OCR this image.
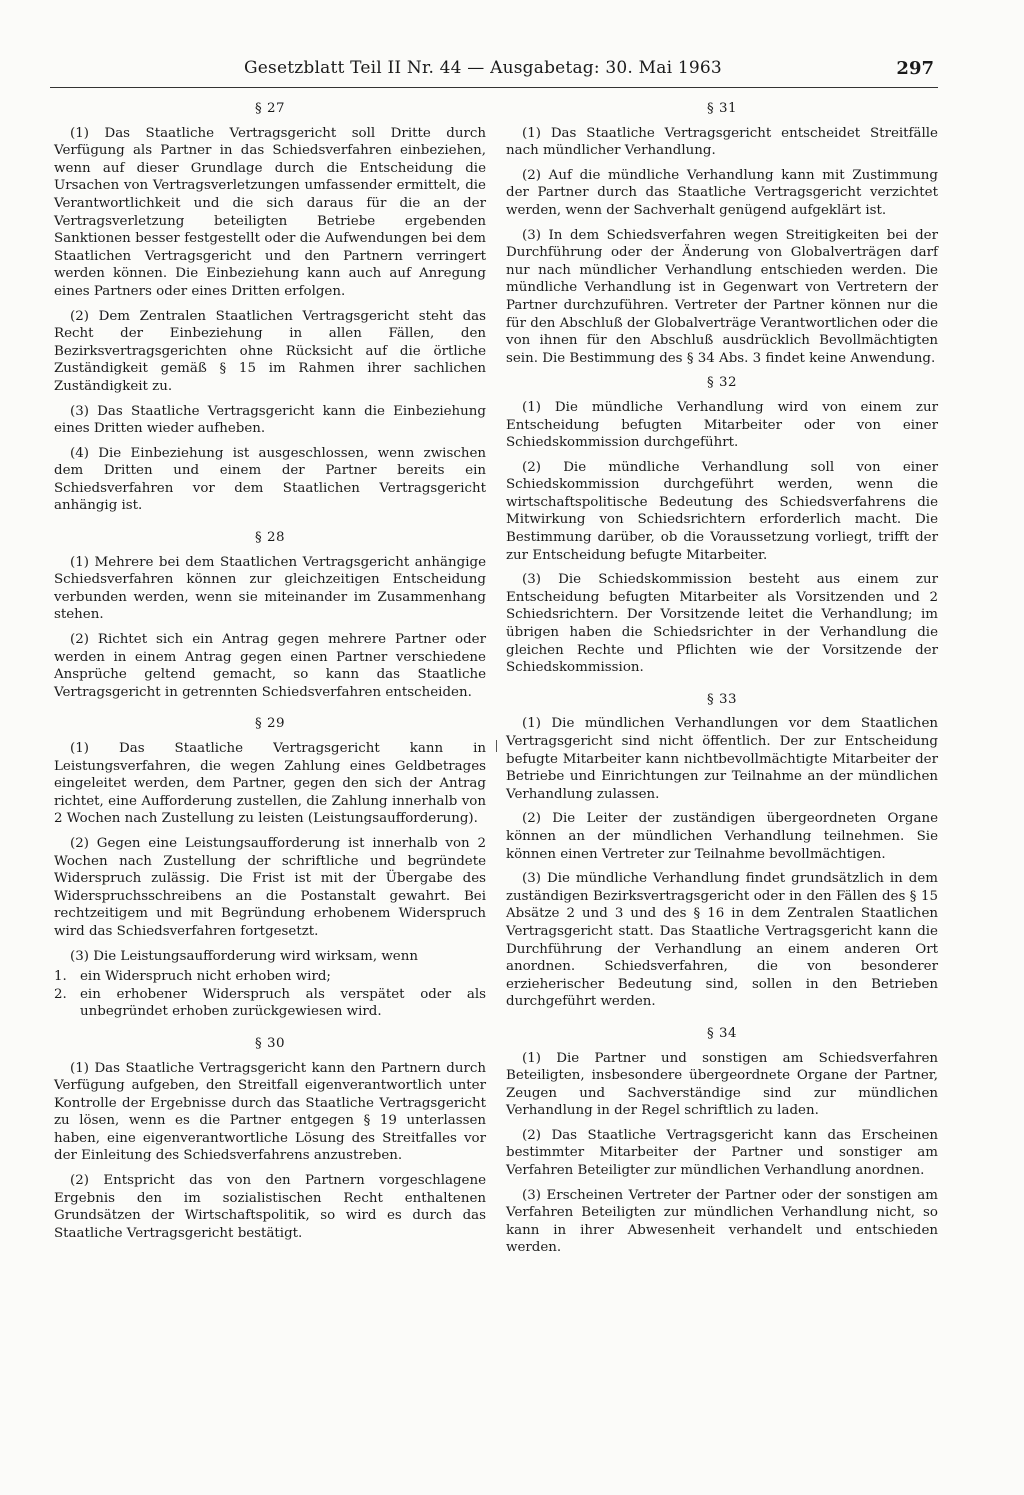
Gesetzblatt Teil II Nr. 44 — Ausgabetag: 30. Mai 1963	297
§ 27

(1) Das Staatliche Vertragsgericht soll Dritte durch Verfügung als Partner in das Schiedsverfahren einbeziehen, wenn auf dieser Grundlage durch die Entscheidung die Ursachen von Vertragsverletzungen umfassender ermittelt, die Verantwortlichkeit und die sich daraus für die an der Vertragsverletzung beteiligten Betriebe ergebenden Sanktionen besser festgestellt oder die Aufwendungen bei dem Staatlichen Vertragsgericht und den Partnern verringert werden können. Die Einbeziehung kann auch auf Anregung eines Partners oder eines Dritten erfolgen.

(2) Dem Zentralen Staatlichen Vertragsgericht steht das Recht der Einbeziehung in allen Fällen, den Bezirksvertragsgerichten ohne Rücksicht auf die örtliche Zuständigkeit gemäß § 15 im Rahmen ihrer sachlichen Zuständigkeit zu.

(3) Das Staatliche Vertragsgericht kann die Einbeziehung eines Dritten wieder aufheben.

(4) Die Einbeziehung ist ausgeschlossen, wenn zwischen dem Dritten und einem der Partner bereits ein Schiedsverfahren vor dem Staatlichen Vertragsgericht anhängig ist.

§ 28

(1) Mehrere bei dem Staatlichen Vertragsgericht anhängige Schiedsverfahren können zur gleichzeitigen Entscheidung verbunden werden, wenn sie miteinander im Zusammenhang stehen.

(2) Richtet sich ein Antrag gegen mehrere Partner oder werden in einem Antrag gegen einen Partner verschiedene Ansprüche geltend gemacht, so kann das Staatliche Vertragsgericht in getrennten Schiedsverfahren entscheiden.

§ 29

(1) Das Staatliche Vertragsgericht kann in Leistungsverfahren, die wegen Zahlung eines Geldbetrages eingeleitet werden, dem Partner, gegen den sich der Antrag richtet, eine Aufforderung zustellen, die Zahlung innerhalb von 2 Wochen nach Zustellung zu leisten (Leistungsaufforderung).

(2) Gegen eine Leistungsaufforderung ist innerhalb von 2 Wochen nach Zustellung der schriftliche und begründete Widerspruch zulässig. Die Frist ist mit der Übergabe des Widerspruchsschreibens an die Postanstalt gewahrt. Bei rechtzeitigem und mit Begründung erhobenem Widerspruch wird das Schiedsverfahren fortgesetzt.

(3) Die Leistungsaufforderung wird wirksam, wenn

1. ein Widerspruch nicht erhoben wird;
2. ein erhobener Widerspruch als verspätet oder als unbegründet erhoben zurückgewiesen wird.
§ 30

(1) Das Staatliche Vertragsgericht kann den Partnern durch Verfügung aufgeben, den Streitfall eigenverantwortlich unter Kontrolle der Ergebnisse durch das Staatliche Vertragsgericht zu lösen, wenn es die Partner entgegen § 19 unterlassen haben, eine eigenverantwortliche Lösung des Streitfalles vor der Einleitung des Schiedsverfahrens anzustreben.

(2) Entspricht das von den Partnern vorgeschlagene Ergebnis den im sozialistischen Recht enthaltenen Grundsätzen der Wirtschaftspolitik, so wird es durch das Staatliche Vertragsgericht bestätigt.

§ 31

(1) Das Staatliche Vertragsgericht entscheidet Streitfälle nach mündlicher Verhandlung.

(2) Auf die mündliche Verhandlung kann mit Zustimmung der Partner durch das Staatliche Vertragsgericht verzichtet werden, wenn der Sachverhalt genügend aufgeklärt ist.

(3) In dem Schiedsverfahren wegen Streitigkeiten bei der Durchführung oder der Änderung von Globalverträgen darf nur nach mündlicher Verhandlung entschieden werden. Die mündliche Verhandlung ist in Gegenwart von Vertretern der Partner durchzuführen. Vertreter der Partner können nur die für den Abschluß der Globalverträge Verantwortlichen oder die von ihnen für den Abschluß ausdrücklich Bevollmächtigten sein. Die Bestimmung des § 34 Abs. 3 findet keine Anwendung.

§ 32

(1) Die mündliche Verhandlung wird von einem zur Entscheidung befugten Mitarbeiter oder von einer Schiedskommission durchgeführt.

(2) Die mündliche Verhandlung soll von einer Schiedskommission durchgeführt werden, wenn die wirtschaftspolitische Bedeutung des Schiedsverfahrens die Mitwirkung von Schiedsrichtern erforderlich macht. Die Bestimmung darüber, ob die Voraussetzung vorliegt, trifft der zur Entscheidung befugte Mitarbeiter.

(3) Die Schiedskommission besteht aus einem zur Entscheidung befugten Mitarbeiter als Vorsitzenden und 2 Schiedsrichtern. Der Vorsitzende leitet die Verhandlung; im übrigen haben die Schiedsrichter in der Verhandlung die gleichen Rechte und Pflichten wie der Vorsitzende der Schiedskommission.

§ 33

(1) Die mündlichen Verhandlungen vor dem Staatlichen Vertragsgericht sind nicht öffentlich. Der zur Entscheidung befugte Mitarbeiter kann nichtbevollmächtigte Mitarbeiter der Betriebe und Einrichtungen zur Teilnahme an der mündlichen Verhandlung zulassen.

(2) Die Leiter der zuständigen übergeordneten Organe können an der mündlichen Verhandlung teilnehmen. Sie können einen Vertreter zur Teilnahme bevollmächtigen.

(3) Die mündliche Verhandlung findet grundsätzlich in dem zuständigen Bezirksvertragsgericht oder in den Fällen des § 15 Absätze 2 und 3 und des § 16 in dem Zentralen Staatlichen Vertragsgericht statt. Das Staatliche Vertragsgericht kann die Durchführung der Verhandlung an einem anderen Ort anordnen. Schiedsverfahren, die von besonderer erzieherischer Bedeutung sind, sollen in den Betrieben durchgeführt werden.

§ 34

(1) Die Partner und sonstigen am Schiedsverfahren Beteiligten, insbesondere übergeordnete Organe der Partner, Zeugen und Sachverständige sind zur mündlichen Verhandlung in der Regel schriftlich zu laden.

(2) Das Staatliche Vertragsgericht kann das Erscheinen bestimmter Mitarbeiter der Partner und sonstiger am Verfahren Beteiligter zur mündlichen Verhandlung anordnen.

(3) Erscheinen Vertreter der Partner oder der sonstigen am Verfahren Beteiligten zur mündlichen Verhandlung nicht, so kann in ihrer Abwesenheit verhandelt und entschieden werden.
